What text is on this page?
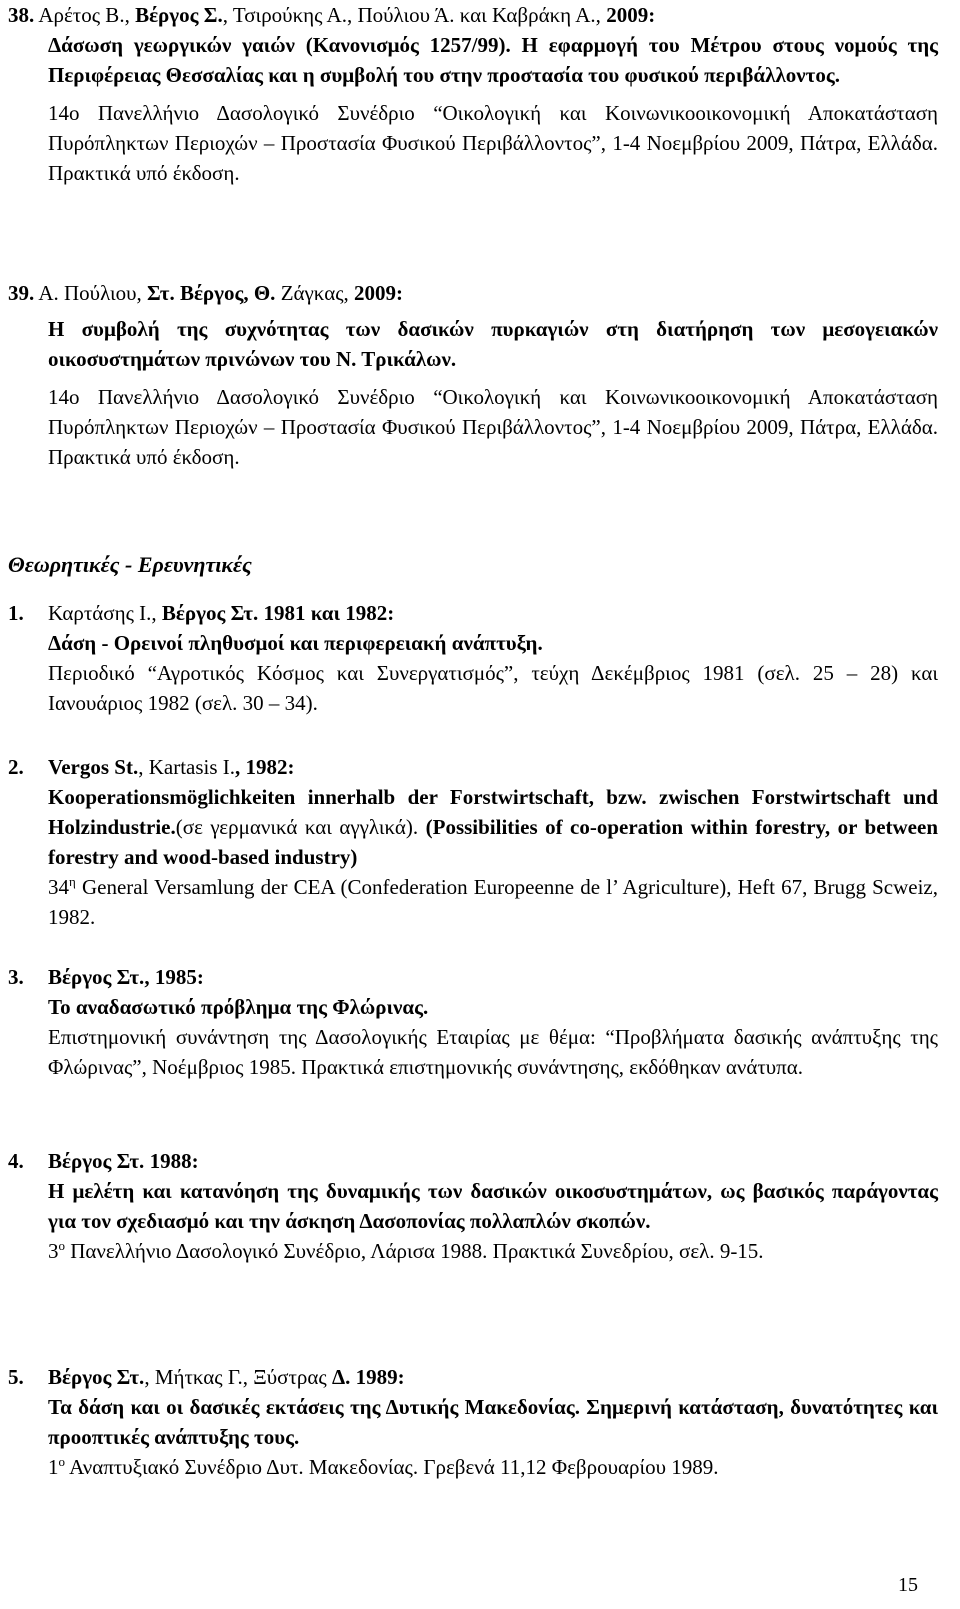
38. Αρέτος Β., Βέργος Σ., Τσιρούκης Α., Πούλιου Ά. και Καβράκη Α., 2009:

Δάσωση γεωργικών γαιών (Κανονισμός 1257/99). Η εφαρμογή του Μέτρου στους νομούς της Περιφέρειας Θεσσαλίας και η συμβολή του στην προστασία του φυσικού περιβάλλοντος.

14ο Πανελλήνιο Δασολογικό Συνέδριο “Οικολογική και Κοινωνικοοικονομική Αποκατάσταση Πυρόπληκτων Περιοχών – Προστασία Φυσικού Περιβάλλοντος”, 1-4 Νοεμβρίου 2009, Πάτρα, Ελλάδα. Πρακτικά υπό έκδοση.

39. Α. Πούλιου, Στ. Βέργος, Θ. Ζάγκας, 2009:

Η συμβολή της συχνότητας των δασικών πυρκαγιών στη διατήρηση των μεσογειακών οικοσυστημάτων πριvώνων του Ν. Τρικάλων.

14ο Πανελλήνιο Δασολογικό Συνέδριο “Οικολογική και Κοινωνικοοικονομική Αποκατάσταση Πυρόπληκτων Περιοχών – Προστασία Φυσικού Περιβάλλοντος”, 1-4 Νοεμβρίου 2009, Πάτρα, Ελλάδα. Πρακτικά υπό έκδοση.

Θεωρητικές - Ερευνητικές

1. Καρτάσης Ι., Βέργος Στ. 1981 και 1982:

Δάση - Ορεινοί πληθυσμοί και περιφερειακή ανάπτυξη.

Περιοδικό “Αγροτικός Κόσμος και Συνεργατισμός”, τεύχη Δεκέμβριος 1981 (σελ. 25 – 28) και Ιανουάριος 1982 (σελ. 30 – 34).

2. Vergos St., Kartasis I., 1982:

Kooperationsmöglichkeiten innerhalb der Forstwirtschaft, bzw. zwischen Forstwirtschaft und Holzindustrie.(σε γερμανικά και αγγλικά). (Possibilities of co-operation within forestry, or between forestry and wood-based industry)

$34^\eta$ General Versamlung der CEA (Confederation Europeenne de l’ Agriculture), Heft 67, Brugg Scweiz, 1982.

3. Βέργος Στ., 1985:

Το αναδασωτικό πρόβλημα της Φλώρινας.

Επιστημονική συνάντηση της Δασολογικής Εταιρίας με θέμα: “Προβλήματα δασικής ανάπτυξης της Φλώρινας”, Νοέμβριος 1985. Πρακτικά επιστημονικής συνάντησης, εκδόθηκαν ανάτυπα.

4. Βέργος Στ. 1988:

Η μελέτη και κατανόηση της δυναμικής των δασικών οικοσυστημάτων, ως βασικός παράγοντας για τον σχεδιασμό και την άσκηση Δασοπονίας πολλαπλών σκοπών.

$3^o$ Πανελλήνιο Δασολογικό Συνέδριο, Λάρισα 1988. Πρακτικά Συνεδρίου, σελ. 9-15.

5. Βέργος Στ., Μήτκας Γ., Ξύστρας Δ. 1989:

Τα δάση και οι δασικές εκτάσεις της Δυτικής Μακεδονίας. Σημερινή κατάσταση, δυνατότητες και προοπτικές ανάπτυξης τους.

$1^o$ Αναπτυξιακό Συνέδριο Δυτ. Μακεδονίας. Γρεβενά 11,12 Φεβρουαρίου 1989.

15
